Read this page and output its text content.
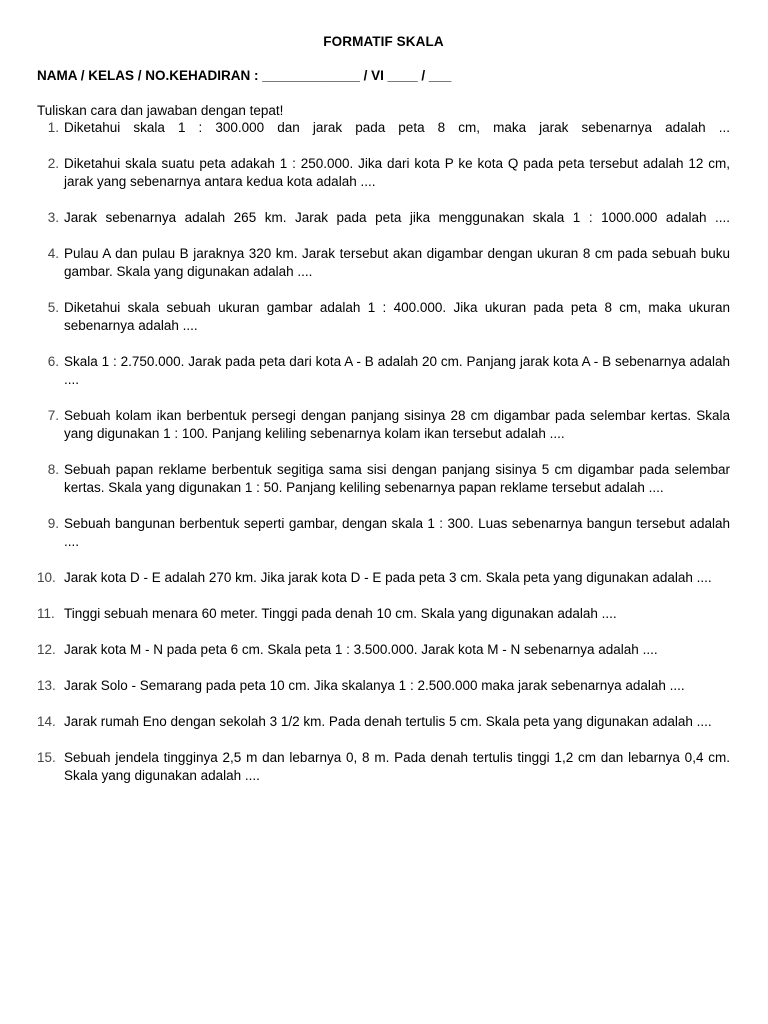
FORMATIF SKALA
NAMA / KELAS / NO.KEHADIRAN : _____________ / VI ____ / ___
Tuliskan cara dan jawaban dengan tepat!
1. Diketahui skala 1 : 300.000 dan jarak pada peta 8 cm, maka jarak sebenarnya adalah ...
2. Diketahui skala suatu peta adakah 1 : 250.000. Jika dari kota P ke kota Q pada peta tersebut adalah 12 cm, jarak yang sebenarnya antara kedua kota adalah ....
3. Jarak sebenarnya adalah 265 km. Jarak pada peta jika menggunakan skala 1 : 1000.000 adalah ....
4. Pulau A dan pulau B jaraknya 320 km. Jarak tersebut akan digambar dengan ukuran 8 cm pada sebuah buku gambar. Skala yang digunakan adalah ....
5. Diketahui skala sebuah ukuran gambar adalah 1 : 400.000. Jika ukuran pada peta 8 cm, maka ukuran sebenarnya adalah ....
6. Skala 1 : 2.750.000. Jarak pada peta dari kota A - B adalah 20 cm. Panjang jarak kota A - B sebenarnya adalah ....
7. Sebuah kolam ikan berbentuk persegi dengan panjang sisinya 28 cm digambar pada selembar kertas. Skala yang digunakan 1 : 100. Panjang keliling sebenarnya kolam ikan tersebut adalah ....
8. Sebuah papan reklame berbentuk segitiga sama sisi dengan panjang sisinya 5 cm digambar pada selembar kertas. Skala yang digunakan 1 : 50. Panjang keliling sebenarnya papan reklame tersebut adalah ....
9. Sebuah bangunan berbentuk seperti gambar, dengan skala 1 : 300. Luas sebenarnya bangun tersebut adalah ....
10. Jarak kota D - E adalah 270 km. Jika jarak kota D - E pada peta 3 cm. Skala peta yang digunakan adalah ....
11. Tinggi sebuah menara 60 meter. Tinggi pada denah 10 cm. Skala yang digunakan adalah ....
12. Jarak kota M - N pada peta 6 cm. Skala peta 1 : 3.500.000. Jarak kota M - N sebenarnya adalah ....
13. Jarak Solo - Semarang pada peta 10 cm. Jika skalanya 1 : 2.500.000 maka jarak sebenarnya adalah ....
14. Jarak rumah Eno dengan sekolah 3 1/2 km. Pada denah tertulis 5 cm. Skala peta yang digunakan adalah ....
15. Sebuah jendela tingginya 2,5 m dan lebarnya 0, 8 m. Pada denah tertulis tinggi 1,2 cm dan lebarnya 0,4 cm. Skala yang digunakan adalah ....
